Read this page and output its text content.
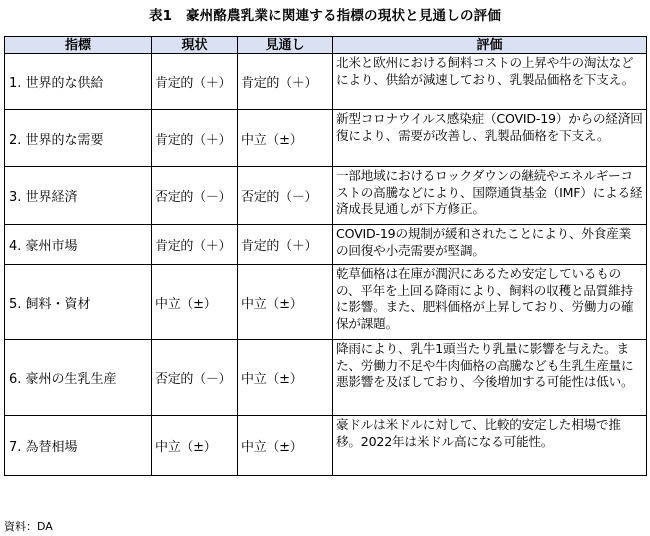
表1　豪州酪農乳業に関連する指標の現状と見通しの評価
指標	現状	見通し	評価
1. 世界的な供給	肯定的（＋）	肯定的（＋）	北米と欧州における飼料コストの上昇や牛の淘汰などにより、供給が減速しており、乳製品価格を下支え。
2. 世界的な需要	肯定的（＋）	中立（±）	新型コロナウイルス感染症（COVID-19）からの経済回復により、需要が改善し、乳製品価格を下支え。
3. 世界経済	否定的（－）	否定的（－）	一部地域におけるロックダウンの継続やエネルギーコストの高騰などにより、国際通貨基金（IMF）による経済成長見通しが下方修正。
4. 豪州市場	肯定的（＋）	肯定的（＋）	COVID-19の規制が緩和されたことにより、外食産業の回復や小売需要が堅調。
5. 飼料・資材	中立（±）	中立（±）	乾草価格は在庫が潤沢にあるため安定しているものの、平年を上回る降雨により、飼料の収穫と品質維持に影響。また、肥料価格が上昇しており、労働力の確保が課題。
6. 豪州の生乳生産	否定的（－）	中立（±）	降雨により、乳牛1頭当たり乳量に影響を与えた。また、労働力不足や牛肉価格の高騰なども生乳生産量に悪影響を及ぼしており、今後増加する可能性は低い。
7. 為替相場	中立（±）	中立（±）	豪ドルは米ドルに対して、比較的安定した相場で推移。2022年は米ドル高になる可能性。
資料：DA
